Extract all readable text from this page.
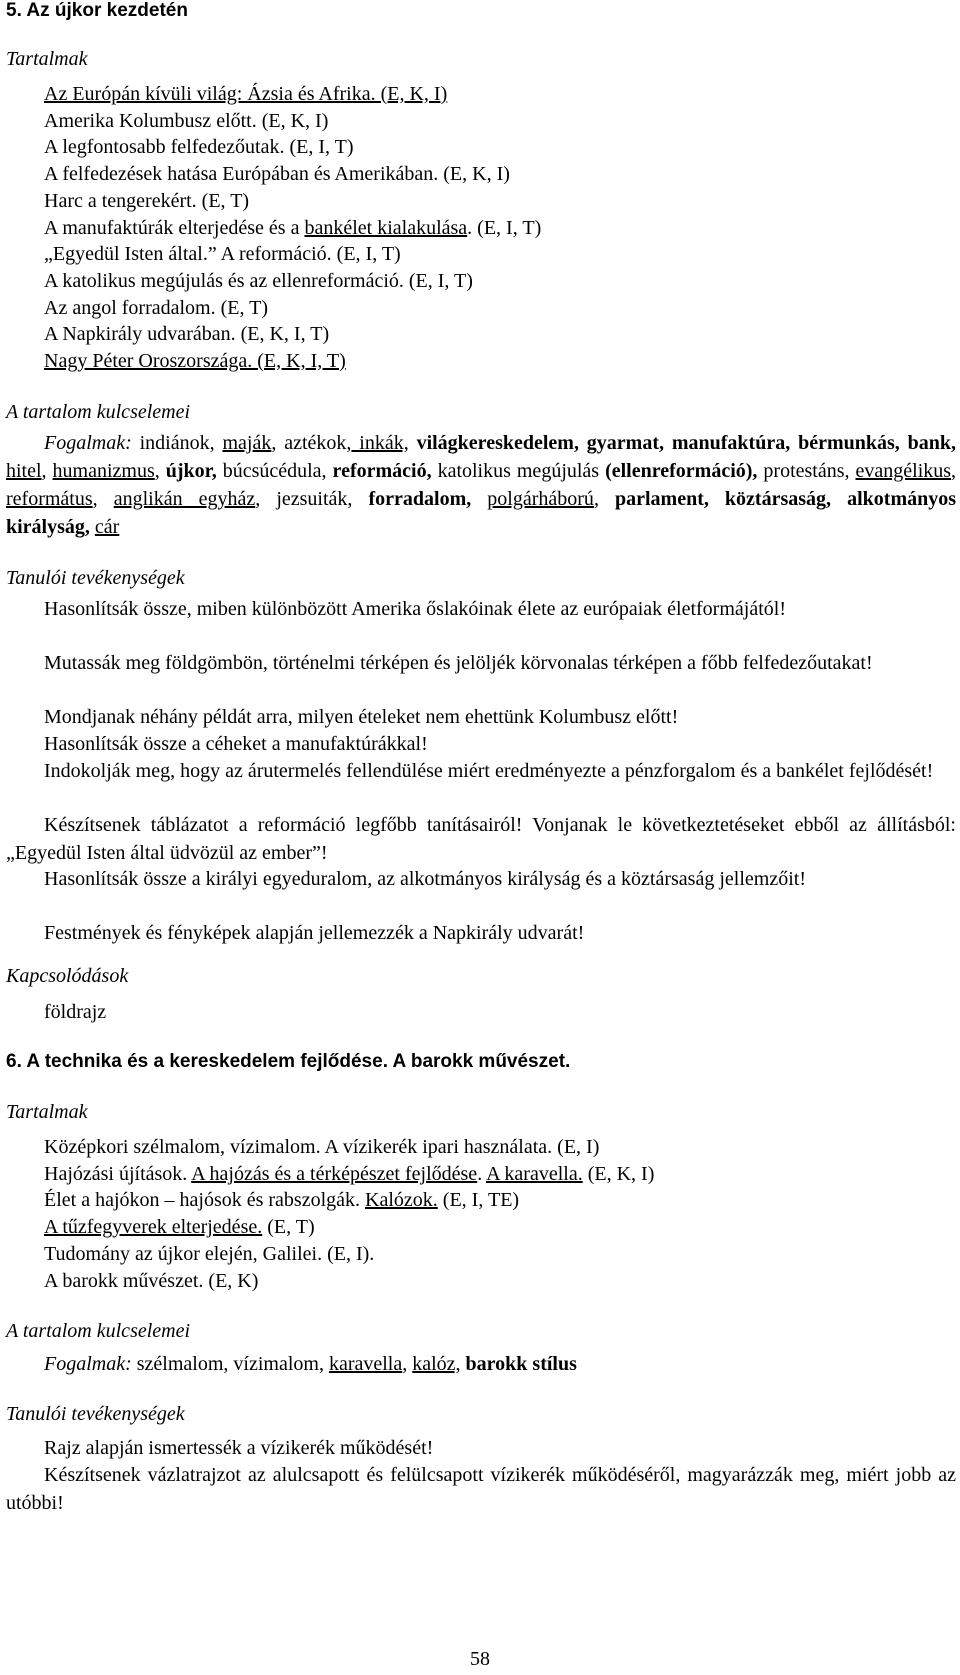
5. Az újkor kezdetén
Tartalmak
Az Európán kívüli világ: Ázsia és Afrika. (E, K, I)
Amerika Kolumbusz előtt. (E, K, I)
A legfontosabb felfedezőutak. (E, I, T)
A felfedezések hatása Európában és Amerikában. (E, K, I)
Harc a tengerekért. (E, T)
A manufaktúrák elterjedése és a bankélet kialakulása. (E, I, T)
„Egyedül Isten által.” A reformáció. (E, I, T)
A katolikus megújulás és az ellenreformáció. (E, I, T)
Az angol forradalom. (E, T)
A Napkirály udvarában. (E, K, I, T)
Nagy Péter Oroszországa. (E, K, I, T)
A tartalom kulcselemei
Fogalmak: indiánok, maják, aztékok, inkák, világkereskedelem, gyarmat, manufaktúra, bérmunkás, bank, hitel, humanizmus, újkor, búcsúcédula, reformáció, katolikus megújulás (ellenreformáció), protestáns, evangélikus, református, anglikán egyház, jezsuiták, forradalom, polgárháború, parlament, köztársaság, alkotmányos királyság, cár
Tanulói tevékenységek
Hasonlítsák össze, miben különbözött Amerika őslakóinak élete az európaiak életformájától!
Mutassák meg földgömbön, történelmi térképen és jelöljék körvonalas térképen a főbb felfedezőutakat!
Mondjanak néhány példát arra, milyen ételeket nem ehettünk Kolumbusz előtt!
Hasonlítsák össze a céheket a manufaktúrákkal!
Indokolják meg, hogy az árutermelés fellendülése miért eredményezte a pénzforgalom és a bankélet fejlődését!
Készítsenek táblázatot a reformáció legfőbb tanításairól! Vonjanak le következtetéseket ebből az állításból: „Egyedül Isten által üdvözül az ember”!
Hasonlítsák össze a királyi egyeduralom, az alkotmányos királyság és a köztársaság jellemzőit!
Festmények és fényképek alapján jellemezzék a Napkirály udvarát!
Kapcsolódások
földrajz
6. A technika és a kereskedelem fejlődése. A barokk művészet.
Tartalmak
Középkori szélmalom, vízimalom. A vízikerék ipari használata. (E, I)
Hajózási újítások. A hajózás és a térképészet fejlődése. A karavella. (E, K, I)
Élet a hajókon – hajósok és rabszolgák. Kalózok. (E, I, TE)
A tűzfegyverek elterjedése. (E, T)
Tudomány az újkor elején, Galilei. (E, I).
A barokk művészet. (E, K)
A tartalom kulcselemei
Fogalmak: szélmalom, vízimalom, karavella, kalóz, barokk stílus
Tanulói tevékenységek
Rajz alapján ismertessék a vízikerék működését!
Készítsenek vázlatrajzot az alulcsapott és felülcsapott vízikerék működéséről, magyarázzák meg, miért jobb az utóbbi!
58
